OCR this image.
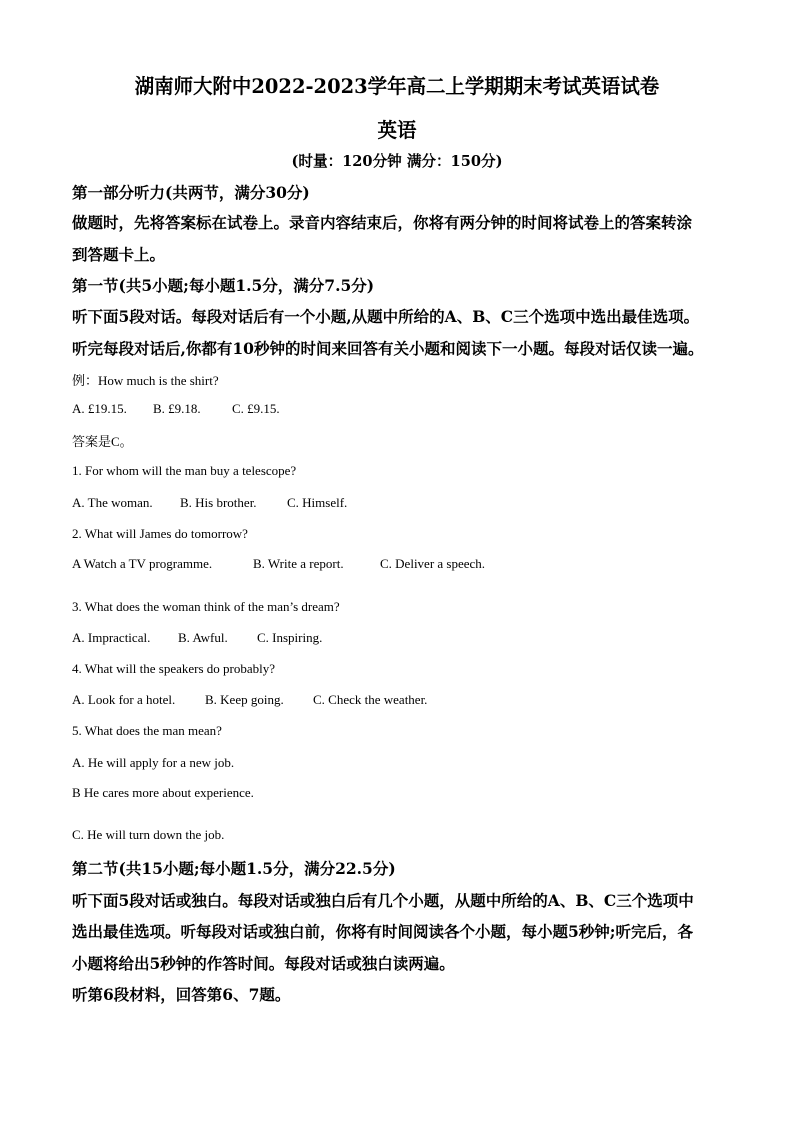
湖南师大附中2022-2023学年高二上学期期末考试英语试卷
英语
(时量：120分钟 满分：150分)
第一部分听力(共两节，满分30分)
做题时，先将答案标在试卷上。录音内容结束后，你将有两分钟的时间将试卷上的答案转涂
到答题卡上。
第一节(共5小题;每小题1.5分，满分7.5分)
听下面5段对话。每段对话后有一个小题,从题中所给的A、B、C三个选项中选出最佳选项。
听完每段对话后,你都有10秒钟的时间来回答有关小题和阅读下一小题。每段对话仅读一遍。
例：How much is the shirt?
A. £19.15. B. £9.18. C. £9.15.
答案是C。
1. For whom will the man buy a telescope?
A. The woman. B. His brother. C. Himself.
2. What will James do tomorrow?
A Watch a TV programme.	B. Write a report.	C. Deliver a speech.
3. What does the woman think of the man’s dream?
A. Impractical. B. Awful. C. Inspiring.
4. What will the speakers do probably?
A. Look for a hotel. B. Keep going. C. Check the weather.
5. What does the man mean?
A. He will apply for a new job.
B He cares more about experience.
C. He will turn down the job.
第二节(共15小题;每小题1.5分，满分22.5分)
听下面5段对话或独白。每段对话或独白后有几个小题，从题中所给的A、B、C三个选项中
选出最佳选项。听每段对话或独白前，你将有时间阅读各个小题，每小题5秒钟;听完后，各
小题将给出5秒钟的作答时间。每段对话或独白读两遍。
听第6段材料，回答第6、7题。
